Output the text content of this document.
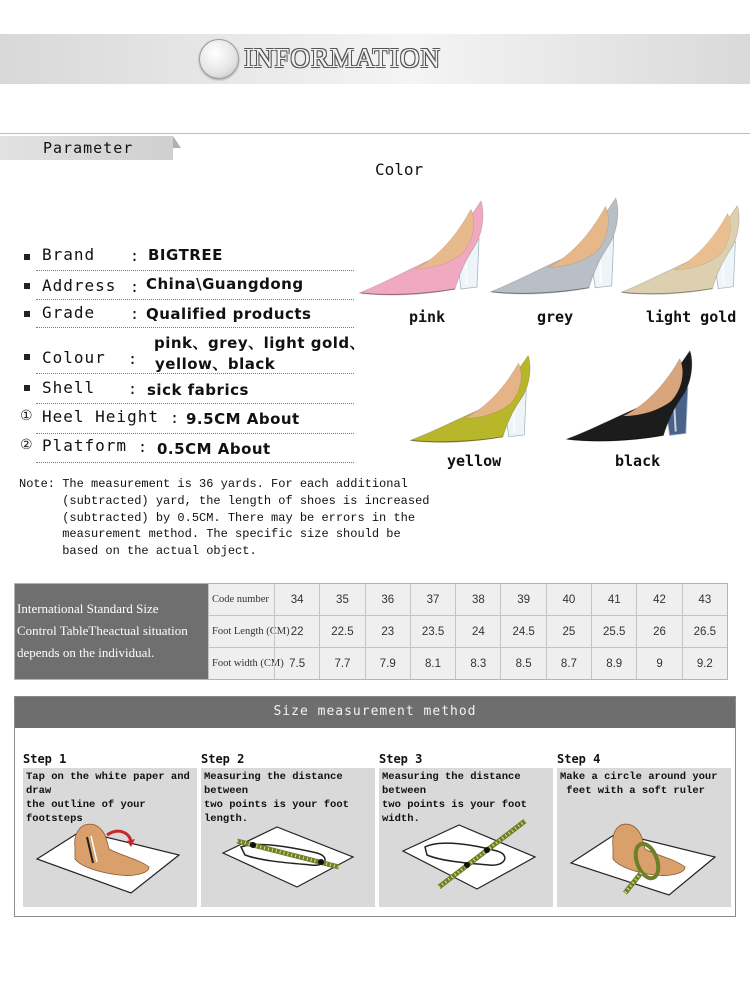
INFORMATION
Parameter
Color
Brand : BIGTREE
Address : China\Guangdong
Grade : Qualified products
Colour :
pink、grey、light gold、
yellow、black
Shell : sick fabrics
① Heel Height : 9.5CM About
② Platform : 0.5CM About
pink	grey	light gold
yellow	black
Note: The measurement is 36 yards. For each additional
(subtracted) yard, the length of shoes is increased
(subtracted) by 0.5CM. There may be errors in the
measurement method. The specific size should be
based on the actual object.
International Standard Size
Control TableTheactual situation
depends on the individual.
Code number	34	35	36	37	38	39	40	41	42	43
Foot Length (CM) 22	22.5	23	23.5	24	24.5	25	25.5	26	26.5
Foot width (CM) 7.5	7.7	7.9	8.1	8.3	8.5	8.7	8.9	9	9.2
Size measurement method
Step 1
Tap on the white paper and draw
the outline of your footsteps
Step 2
Measuring the distance between
two points is your foot length.
Step 3
Measuring the distance between
two points is your foot width.
Step 4
Make a circle around your
feet with a soft ruler
